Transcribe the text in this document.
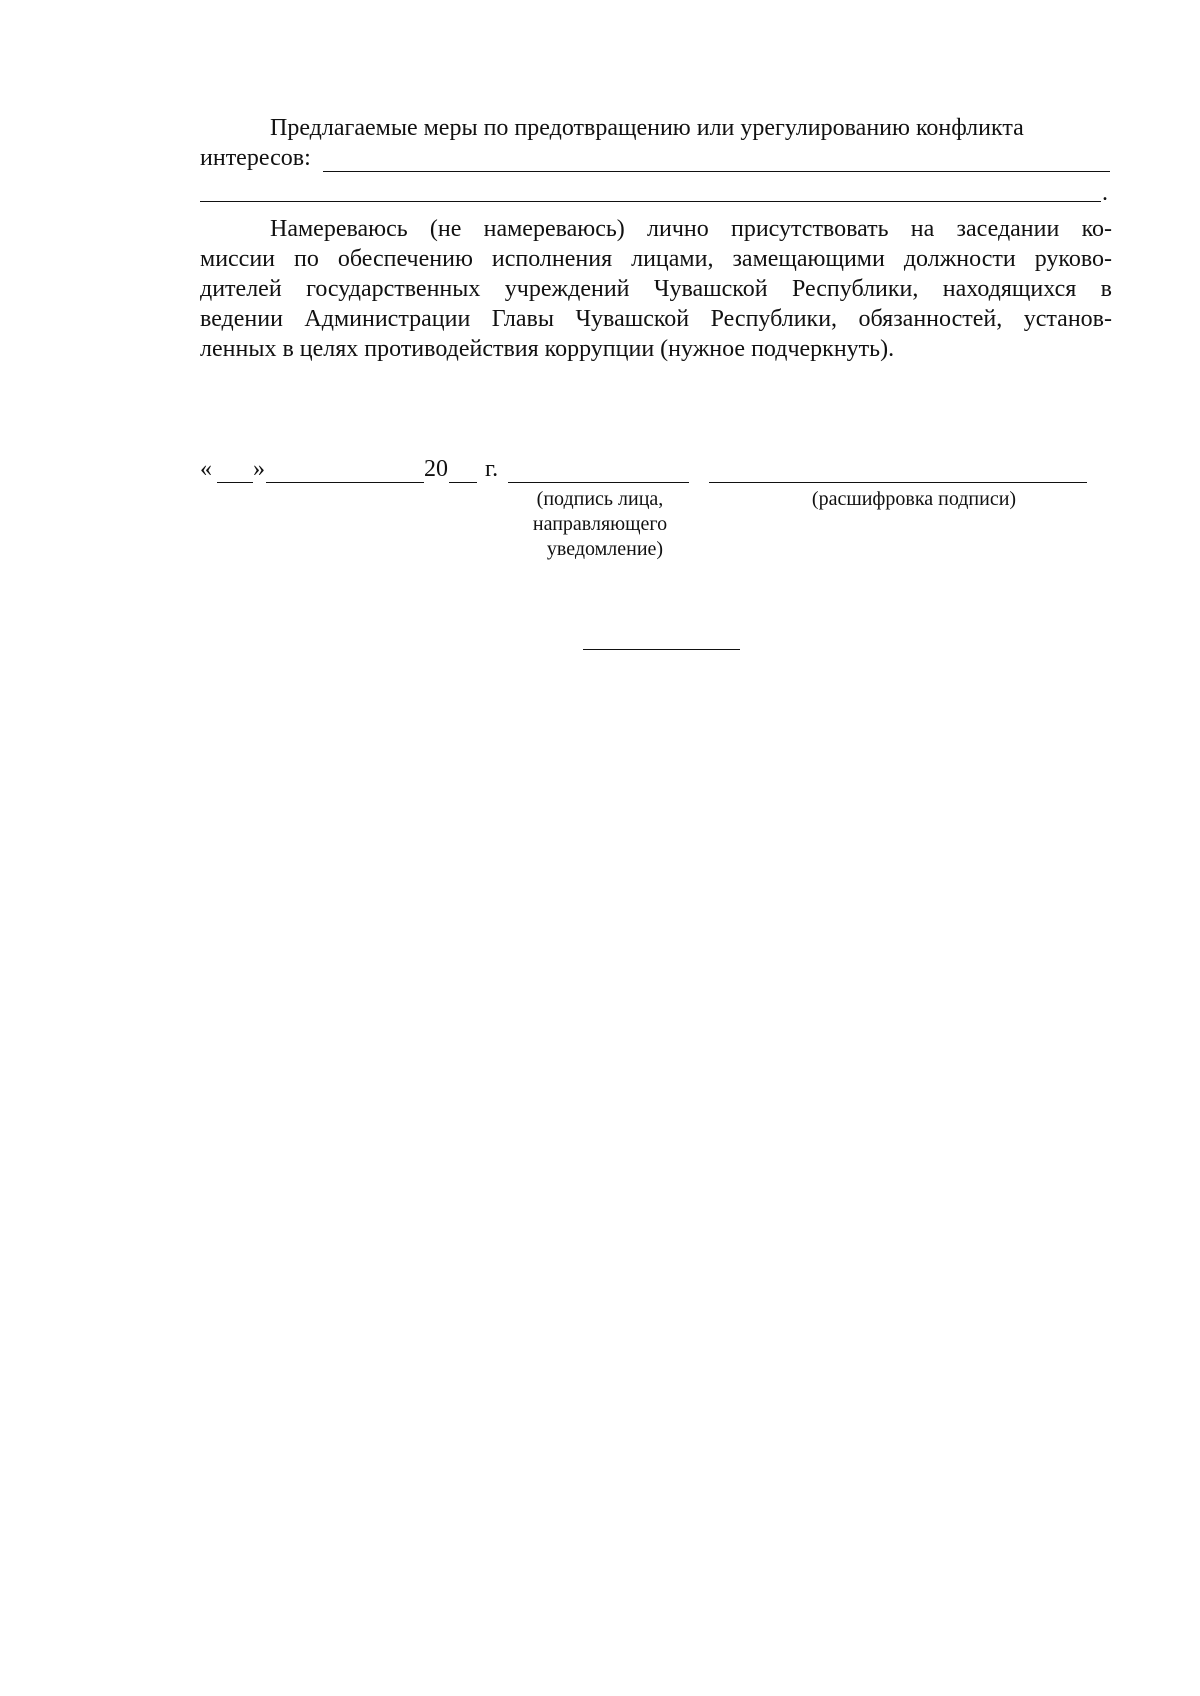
Предлагаемые меры по предотвращению или урегулированию конфликта
интересов:
.
Намереваюсь (не намереваюсь) лично присутствовать на заседании ко-
миссии по обеспечению исполнения лицами, замещающими должности руково-
дителей государственных учреждений Чувашской Республики, находящихся в
ведении Администрации Главы Чувашской Республики, обязанностей, установ-
ленных в целях противодействия коррупции (нужное подчеркнуть).
« »	20 г.
(подпись лица,
направляющего
уведомление)
(расшифровка подписи)
